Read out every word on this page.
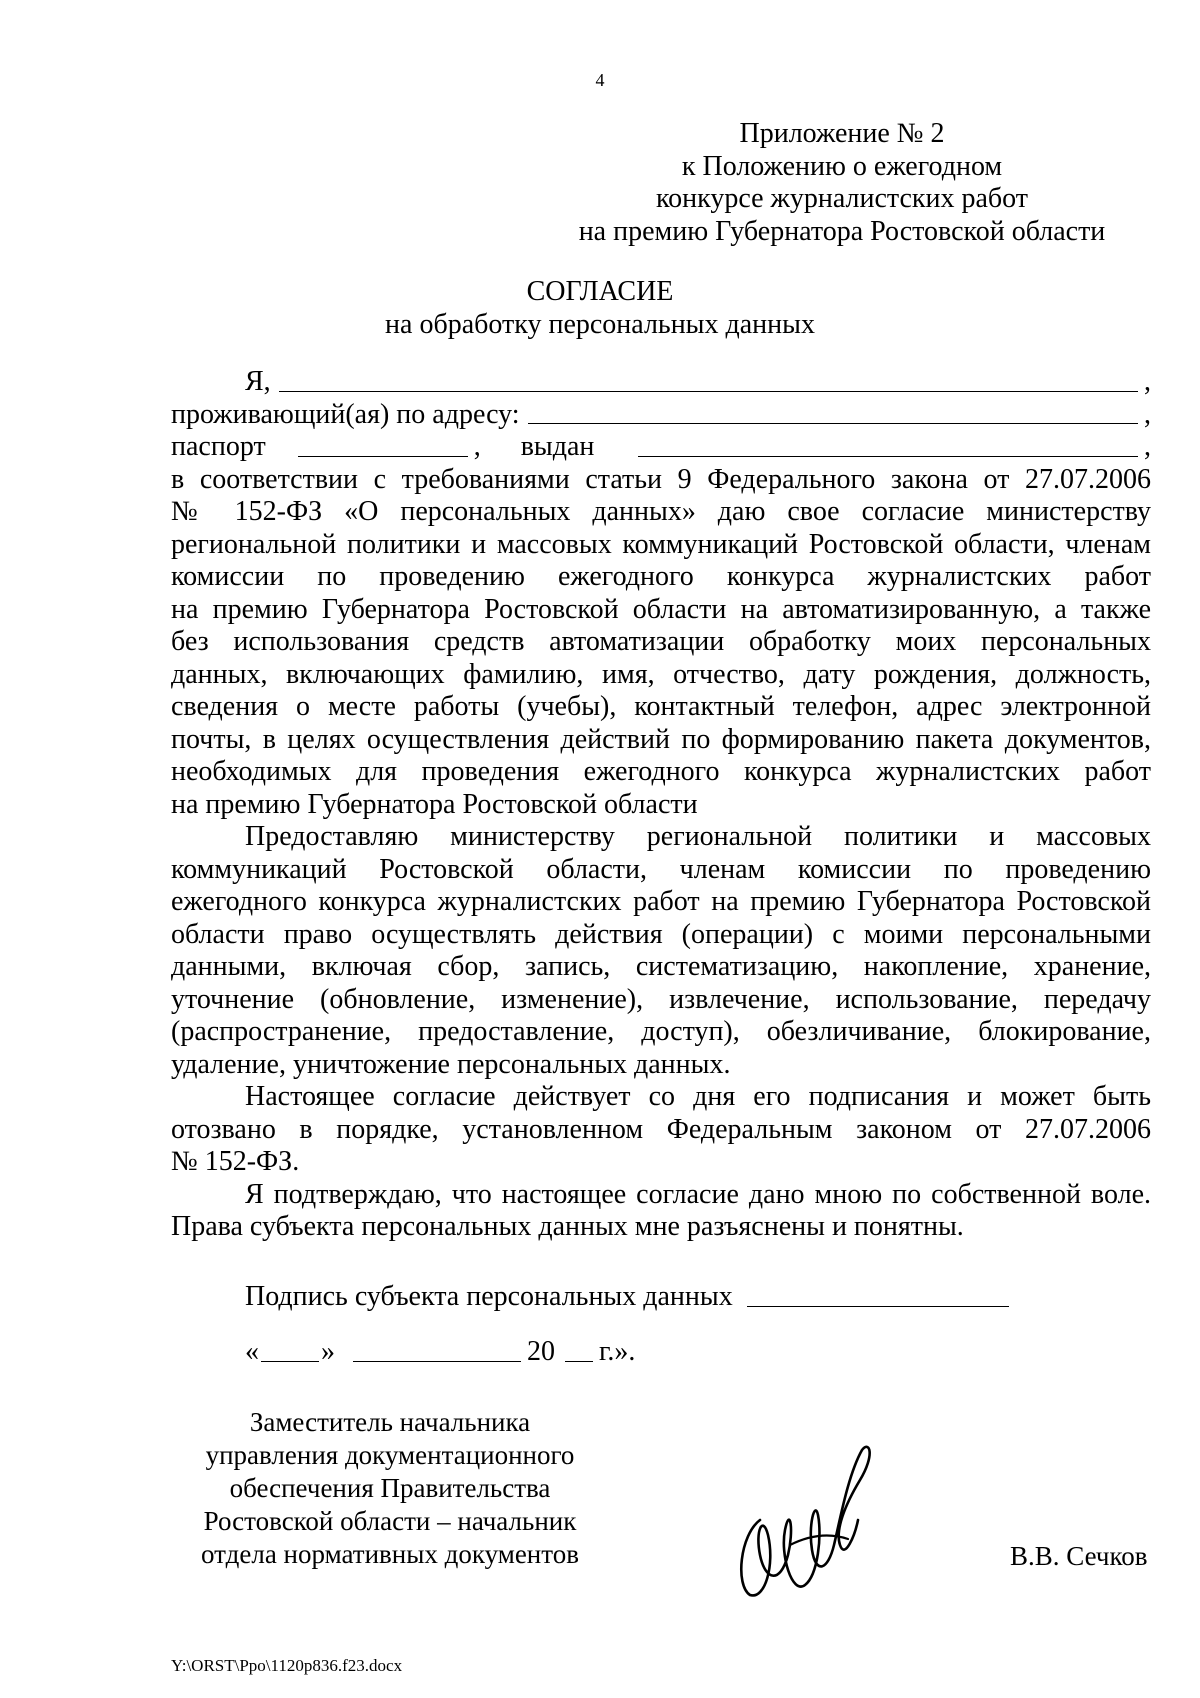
4
Приложение № 2
к Положению о ежегодном
конкурсе журналистских работ
на премию Губернатора Ростовской области
СОГЛАСИЕ
на обработку персональных данных
Я,	,
проживающий(ая) по адресу:	,
паспорт	, выдан	,
в соответствии с требованиями статьи 9 Федерального закона от 27.07.2006
№ 152-ФЗ «О персональных данных» даю свое согласие министерству
региональной политики и массовых коммуникаций Ростовской области, членам
комиссии по проведению ежегодного конкурса журналистских работ
на премию Губернатора Ростовской области на автоматизированную, а также
без использования средств автоматизации обработку моих персональных
данных, включающих фамилию, имя, отчество, дату рождения, должность,
сведения о месте работы (учебы), контактный телефон, адрес электронной
почты, в целях осуществления действий по формированию пакета документов,
необходимых для проведения ежегодного конкурса журналистских работ
на премию Губернатора Ростовской области
Предоставляю министерству региональной политики и массовых
коммуникаций Ростовской области, членам комиссии по проведению
ежегодного конкурса журналистских работ на премию Губернатора Ростовской
области право осуществлять действия (операции) с моими персональными
данными, включая сбор, запись, систематизацию, накопление, хранение,
уточнение (обновление, изменение), извлечение, использование, передачу
(распространение, предоставление, доступ), обезличивание, блокирование,
удаление, уничтожение персональных данных.
Настоящее согласие действует со дня его подписания и может быть
отозвано в порядке, установленном Федеральным законом от 27.07.2006
№ 152-ФЗ.
Я подтверждаю, что настоящее согласие дано мною по собственной воле.
Права субъекта персональных данных мне разъяснены и понятны.
Подпись субъекта персональных данных
« »	20 г.».
Заместитель начальника
управления документационного
обеспечения Правительства
Ростовской области – начальник
отдела нормативных документов	В.В. Сечков
Y:\ORST\Ppo\1120p836.f23.docx
